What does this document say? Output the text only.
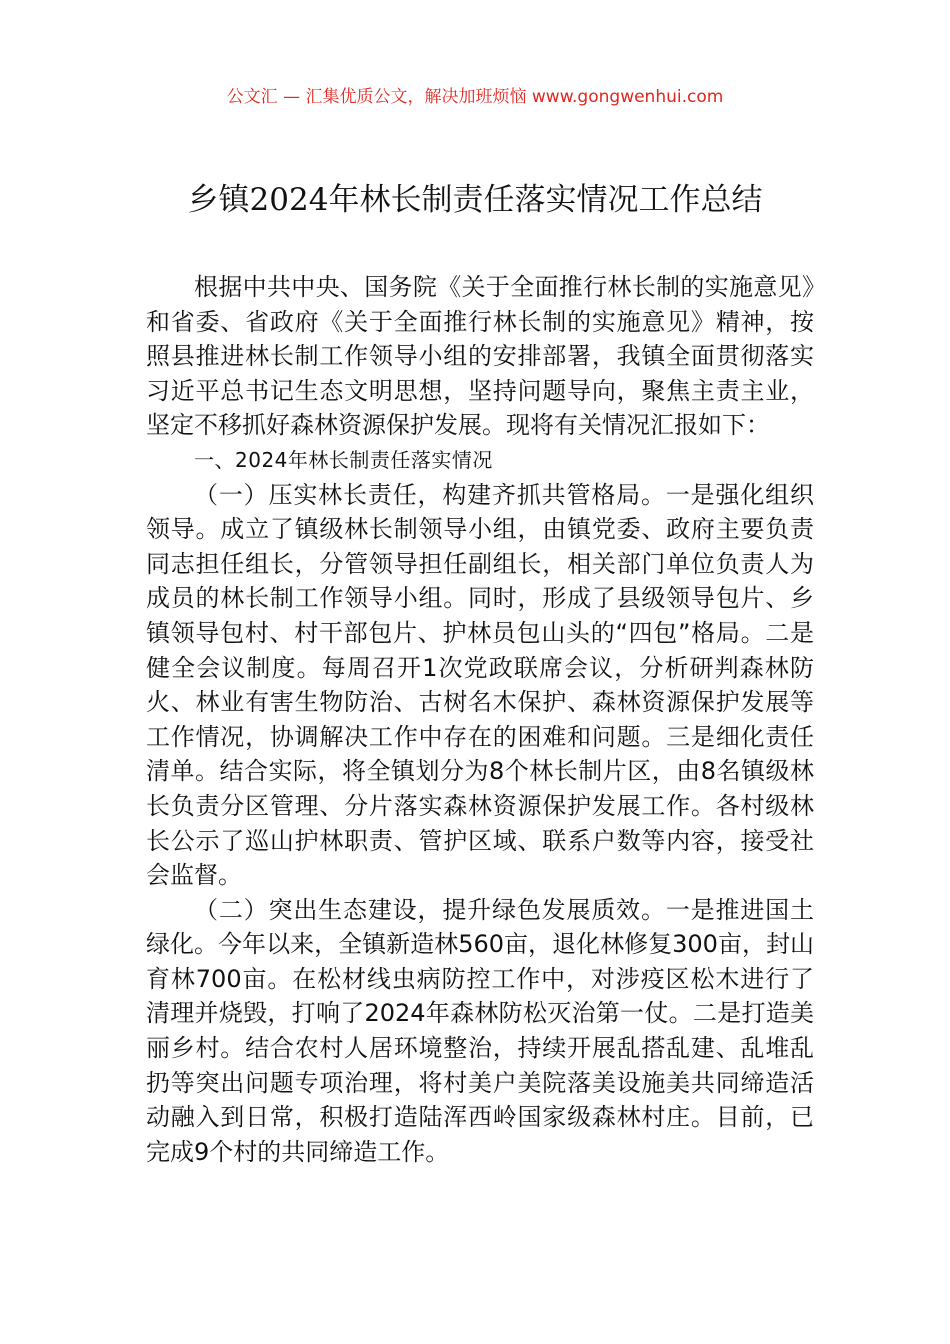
公文汇 — 汇集优质公文，解决加班烦恼 www.gongwenhui.com
乡镇2024年林长制责任落实情况工作总结

根据中共中央、国务院《关于全面推行林长制的实施意见》和省委、省政府《关于全面推行林长制的实施意见》精神，按照县推进林长制工作领导小组的安排部署，我镇全面贯彻落实习近平总书记生态文明思想，坚持问题导向，聚焦主责主业，坚定不移抓好森林资源保护发展。现将有关情况汇报如下：

一、2024年林长制责任落实情况

（一）压实林长责任，构建齐抓共管格局。一是强化组织领导。成立了镇级林长制领导小组，由镇党委、政府主要负责同志担任组长，分管领导担任副组长，相关部门单位负责人为成员的林长制工作领导小组。同时，形成了县级领导包片、乡镇领导包村、村干部包片、护林员包山头的“四包”格局。二是健全会议制度。每周召开1次党政联席会议，分析研判森林防火、林业有害生物防治、古树名木保护、森林资源保护发展等工作情况，协调解决工作中存在的困难和问题。三是细化责任清单。结合实际，将全镇划分为8个林长制片区，由8名镇级林长负责分区管理、分片落实森林资源保护发展工作。各村级林长公示了巡山护林职责、管护区域、联系户数等内容，接受社会监督。

（二）突出生态建设，提升绿色发展质效。一是推进国土绿化。今年以来，全镇新造林560亩，退化林修复300亩，封山育林700亩。在松材线虫病防控工作中，对涉疫区松木进行了清理并烧毁，打响了2024年森林防松灭治第一仗。二是打造美丽乡村。结合农村人居环境整治，持续开展乱搭乱建、乱堆乱扔等突出问题专项治理，将村美户美院落美设施美共同缔造活动融入到日常，积极打造陆浑西岭国家级森林村庄。目前，已完成9个村的共同缔造工作。
